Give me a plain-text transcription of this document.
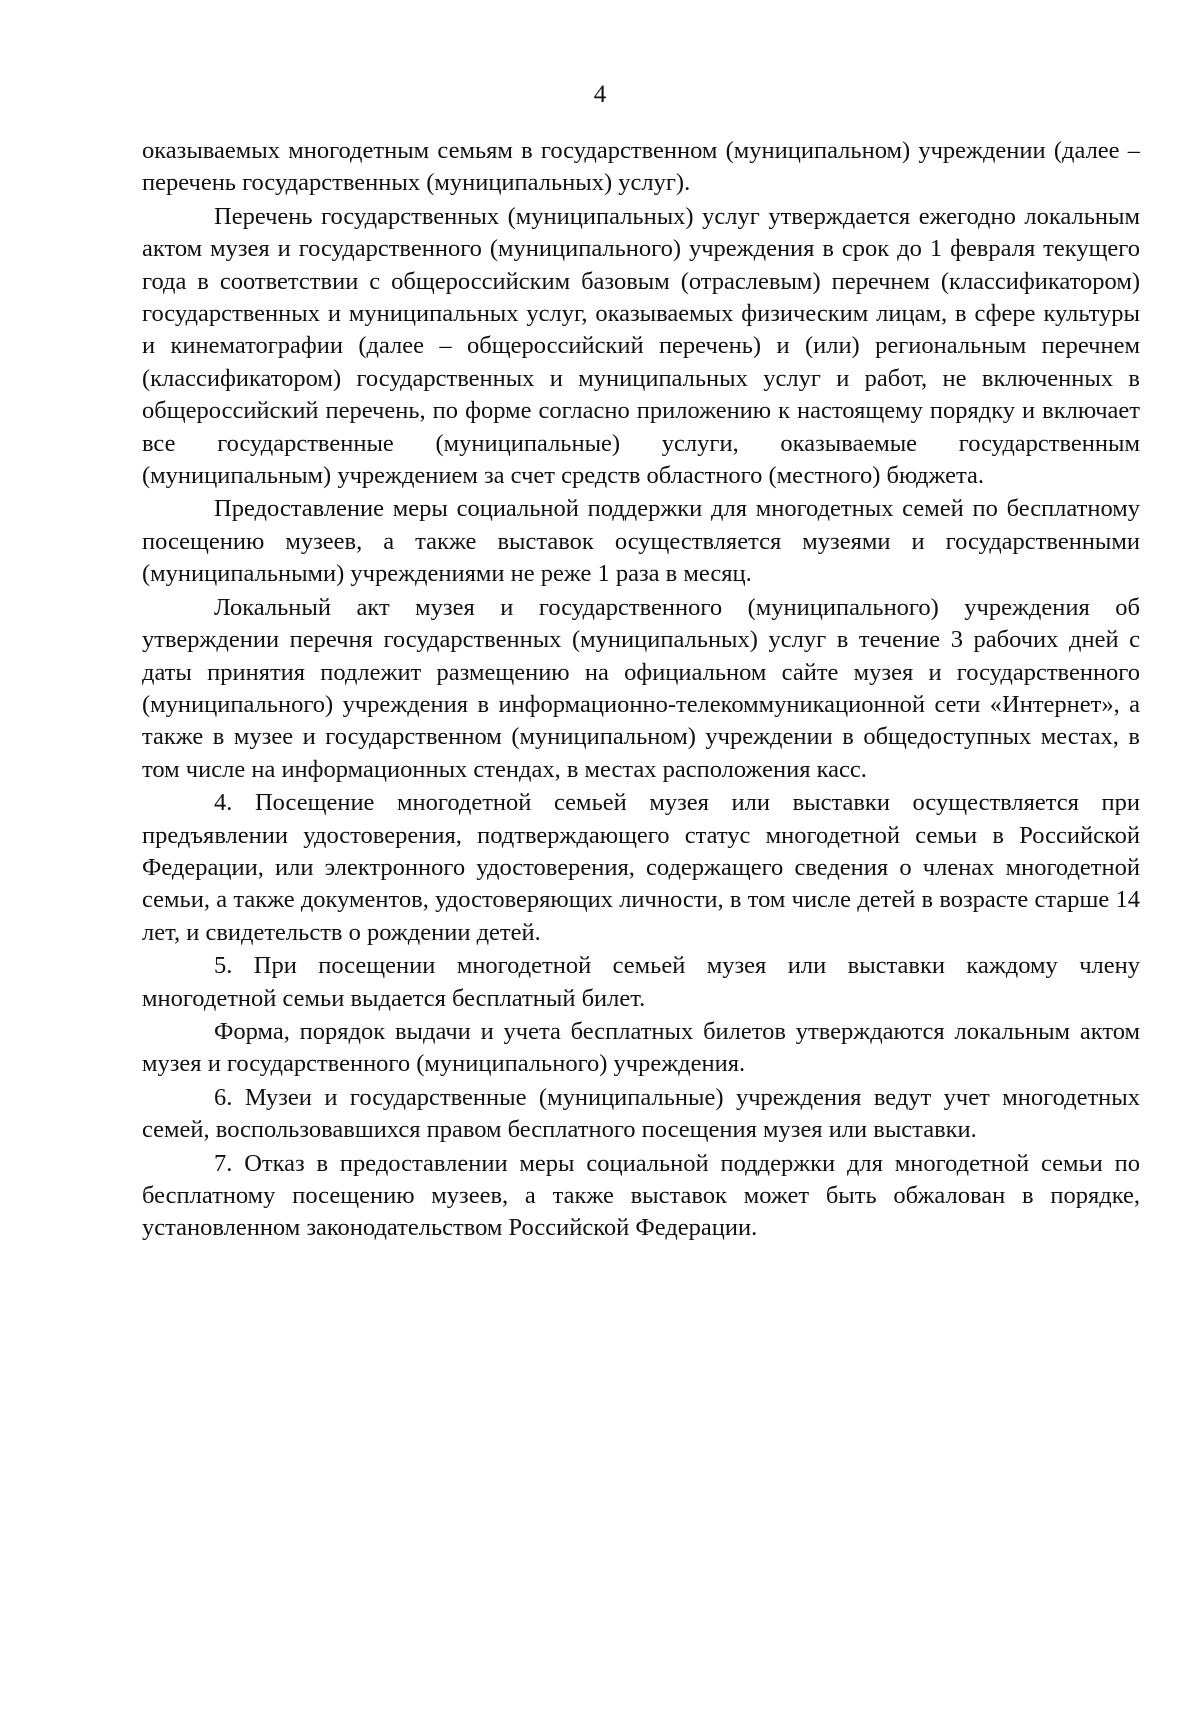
4

оказываемых многодетным семьям в государственном (муниципальном) учреждении (далее – перечень государственных (муниципальных) услуг).

Перечень государственных (муниципальных) услуг утверждается ежегодно локальным актом музея и государственного (муниципального) учреждения в срок до 1 февраля текущего года в соответствии с общероссийским базовым (отраслевым) перечнем (классификатором) государственных и муниципальных услуг, оказываемых физическим лицам, в сфере культуры и кинематографии (далее – общероссийский перечень) и (или) региональным перечнем (классификатором) государственных и муниципальных услуг и работ, не включенных в общероссийский перечень, по форме согласно приложению к настоящему порядку и включает все государственные (муниципальные) услуги, оказываемые государственным (муниципальным) учреждением за счет средств областного (местного) бюджета.

Предоставление меры социальной поддержки для многодетных семей по бесплатному посещению музеев, а также выставок осуществляется музеями и государственными (муниципальными) учреждениями не реже 1 раза в месяц.

Локальный акт музея и государственного (муниципального) учреждения об утверждении перечня государственных (муниципальных) услуг в течение 3 рабочих дней с даты принятия подлежит размещению на официальном сайте музея и государственного (муниципального) учреждения в информационно-телекоммуникационной сети «Интернет», а также в музее и государственном (муниципальном) учреждении в общедоступных местах, в том числе на информационных стендах, в местах расположения касс.

4. Посещение многодетной семьей музея или выставки осуществляется при предъявлении удостоверения, подтверждающего статус многодетной семьи в Российской Федерации, или электронного удостоверения, содержащего сведения о членах многодетной семьи, а также документов, удостоверяющих личности, в том числе детей в возрасте старше 14 лет, и свидетельств о рождении детей.

5. При посещении многодетной семьей музея или выставки каждому члену многодетной семьи выдается бесплатный билет.

Форма, порядок выдачи и учета бесплатных билетов утверждаются локальным актом музея и государственного (муниципального) учреждения.

6. Музеи и государственные (муниципальные) учреждения ведут учет многодетных семей, воспользовавшихся правом бесплатного посещения музея или выставки.

7. Отказ в предоставлении меры социальной поддержки для многодетной семьи по бесплатному посещению музеев, а также выставок может быть обжалован в порядке, установленном законодательством Российской Федерации.
